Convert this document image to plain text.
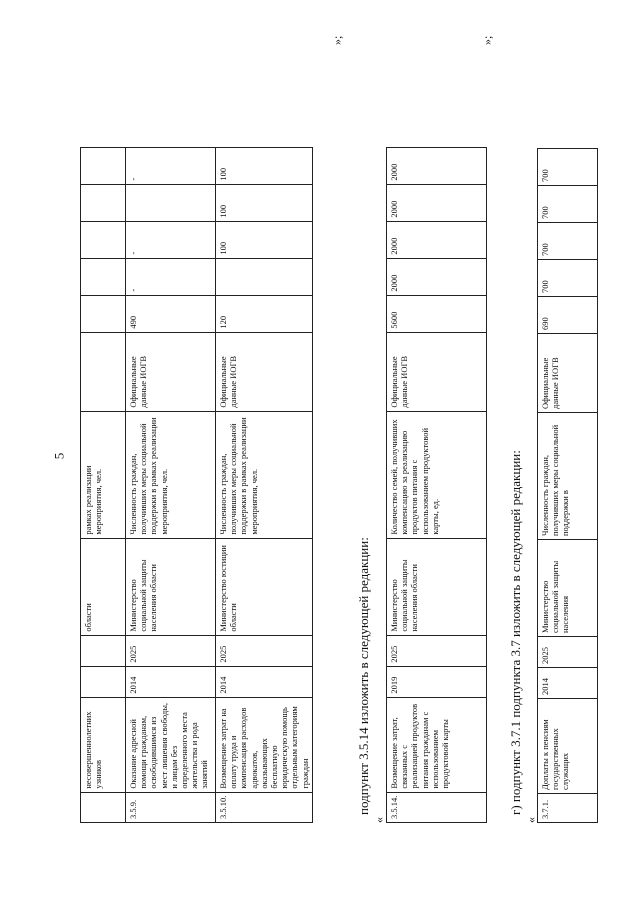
5
	несовершеннолетних узников			области	рамках реализации мероприятия, чел.						
3.5.9.	Оказание адресной помощи гражданам, освободившимся из мест лишения свободы, и лицам без определенного места жительства и рода занятий	2014	2025	Министерство социальной защиты населения области	Численность граждан, получивших меры социальной поддержки в рамках реализации мероприятия, чел.	Официальные данные ИОГВ	490	-	-		-
3.5.10.	Возмещение затрат на оплату труда и компенсация расходов адвокатов, оказывающих бесплатную юридическую помощь отдельным категориям граждан	2014	2025	Министерство юстиции области	Численность граждан, получивших меры социальной поддержки в рамках реализации мероприятия, чел.	Официальные данные ИОГВ	120		100	100	100
»;
подпункт 3.5.14 изложить в следующей редакции:
«
3.5.14.	Возмещение затрат, связанных с реализацией продуктов питания гражданам с использованием продуктовой карты	2019	2025	Министерство социальной защиты населения области	Количество семей, получивших компенсацию за реализацию продуктов питания с использованием продуктовой карты, ед.	Официальные данные ИОГВ	5600	2000	2000	2000	2000
»;
г) подпункт 3.7.1 подпункта 3.7 изложить в следующей редакции:
«
3.7.1.	Доплаты к пенсиям государственных служащих	2014	2025	Министерство социальной защиты населения	Численность граждан, получивших меры социальной поддержки в	Официальные данные ИОГВ	690	700	700	700	700
